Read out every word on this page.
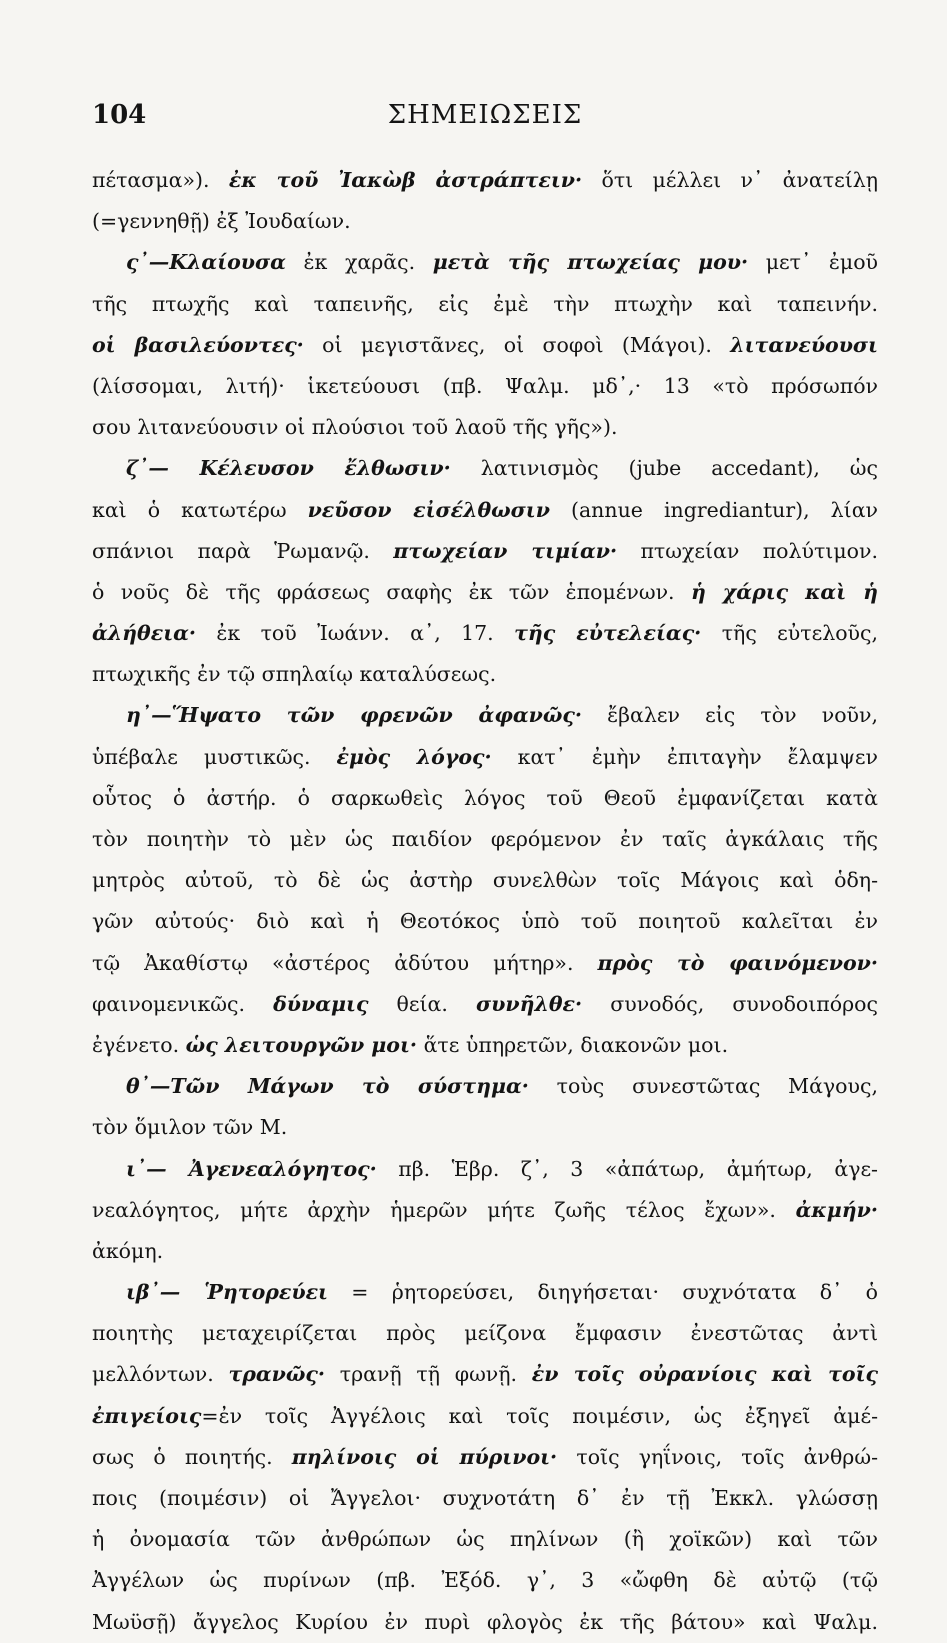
104	ΣΗΜΕΙΩΣΕΙΣ
πέτασμα»). ἐκ τοῦ Ἰακὼβ ἀστράπτειν· ὅτι μέλλει ν᾽ ἀνατείλῃ
(=γεννηθῇ) ἐξ Ἰουδαίων.
ς᾽—Κλαίουσα ἐκ χαρᾶς. μετὰ τῆς πτωχείας μου· μετ᾽ ἐμοῦ
τῆς πτωχῆς καὶ ταπεινῆς, εἰς ἐμὲ τὴν πτωχὴν καὶ ταπεινήν.
οἱ βασιλεύοντες· οἱ μεγιστᾶνες, οἱ σοφοὶ (Μάγοι). λιτανεύουσι
(λίσσομαι, λιτή)· ἱκετεύουσι (πβ. Ψαλμ. μδ᾽,· 13 «τὸ πρόσωπόν
σου λιτανεύουσιν οἱ πλούσιοι τοῦ λαοῦ τῆς γῆς»).
ζ᾽— Κέλευσον ἔλθωσιν· λατινισμὸς (jube accedant), ὡς
καὶ ὁ κατωτέρω νεῦσον εἰσέλθωσιν (annue ingrediantur), λίαν
σπάνιοι παρὰ Ῥωμανῷ. πτωχείαν τιμίαν· πτωχείαν πολύτιμον.
ὁ νοῦς δὲ τῆς φράσεως σαφὴς ἐκ τῶν ἑπομένων. ἡ χάρις καὶ ἡ
ἀλήθεια· ἐκ τοῦ Ἰωάνν. α᾽, 17. τῆς εὐτελείας· τῆς εὐτελοῦς,
πτωχικῆς ἐν τῷ σπηλαίῳ καταλύσεως.
η᾽—Ἥψατο τῶν φρενῶν ἀφανῶς· ἔβαλεν εἰς τὸν νοῦν,
ὑπέβαλε μυστικῶς. ἐμὸς λόγος· κατ᾽ ἐμὴν ἐπιταγὴν ἔλαμψεν
οὗτος ὁ ἀστήρ. ὁ σαρκωθεὶς λόγος τοῦ Θεοῦ ἐμφανίζεται κατὰ
τὸν ποιητὴν τὸ μὲν ὡς παιδίον φερόμενον ἐν ταῖς ἀγκάλαις τῆς
μητρὸς αὐτοῦ, τὸ δὲ ὡς ἀστὴρ συνελθὼν τοῖς Μάγοις καὶ ὁδη-
γῶν αὐτούς· διὸ καὶ ἡ Θεοτόκος ὑπὸ τοῦ ποιητοῦ καλεῖται ἐν
τῷ Ἀκαθίστῳ «ἀστέρος ἀδύτου μήτηρ». πρὸς τὸ φαινόμενον·
φαινομενικῶς. δύναμις θεία. συνῆλθε· συνοδός, συνοδοιπόρος
ἐγένετο. ὡς λειτουργῶν μοι· ἅτε ὑπηρετῶν, διακονῶν μοι.
θ᾽—Τῶν Μάγων τὸ σύστημα· τοὺς συνεστῶτας Μάγους,
τὸν ὅμιλον τῶν Μ.
ι᾽— Ἀγενεαλόγητος· πβ. Ἑβρ. ζ᾽, 3 «ἀπάτωρ, ἀμήτωρ, ἀγε-
νεαλόγητος, μήτε ἀρχὴν ἡμερῶν μήτε ζωῆς τέλος ἔχων». ἀκμήν·
ἀκόμη.
ιβ᾽— Ῥητορεύει = ῥητορεύσει, διηγήσεται· συχνότατα δ᾽ ὁ
ποιητὴς μεταχειρίζεται πρὸς μείζονα ἔμφασιν ἐνεστῶτας ἀντὶ
μελλόντων. τρανῶς· τρανῇ τῇ φωνῇ. ἐν τοῖς οὐρανίοις καὶ τοῖς
ἐπιγείοις=ἐν τοῖς Ἀγγέλοις καὶ τοῖς ποιμέσιν, ὡς ἐξηγεῖ ἀμέ-
σως ὁ ποιητής. πηλίνοις οἱ πύρινοι· τοῖς γηΐνοις, τοῖς ἀνθρώ-
ποις (ποιμέσιν) οἱ Ἄγγελοι· συχνοτάτη δ᾽ ἐν τῇ Ἐκκλ. γλώσσῃ
ἡ ὀνομασία τῶν ἀνθρώπων ὡς πηλίνων (ἢ χοϊκῶν) καὶ τῶν
Ἀγγέλων ὡς πυρίνων (πβ. Ἐξόδ. γ᾽, 3 «ὤφθη δὲ αὐτῷ (τῷ
Μωϋσῇ) ἄγγελος Κυρίου ἐν πυρὶ φλογὸς ἐκ τῆς βάτου» καὶ Ψαλμ.
